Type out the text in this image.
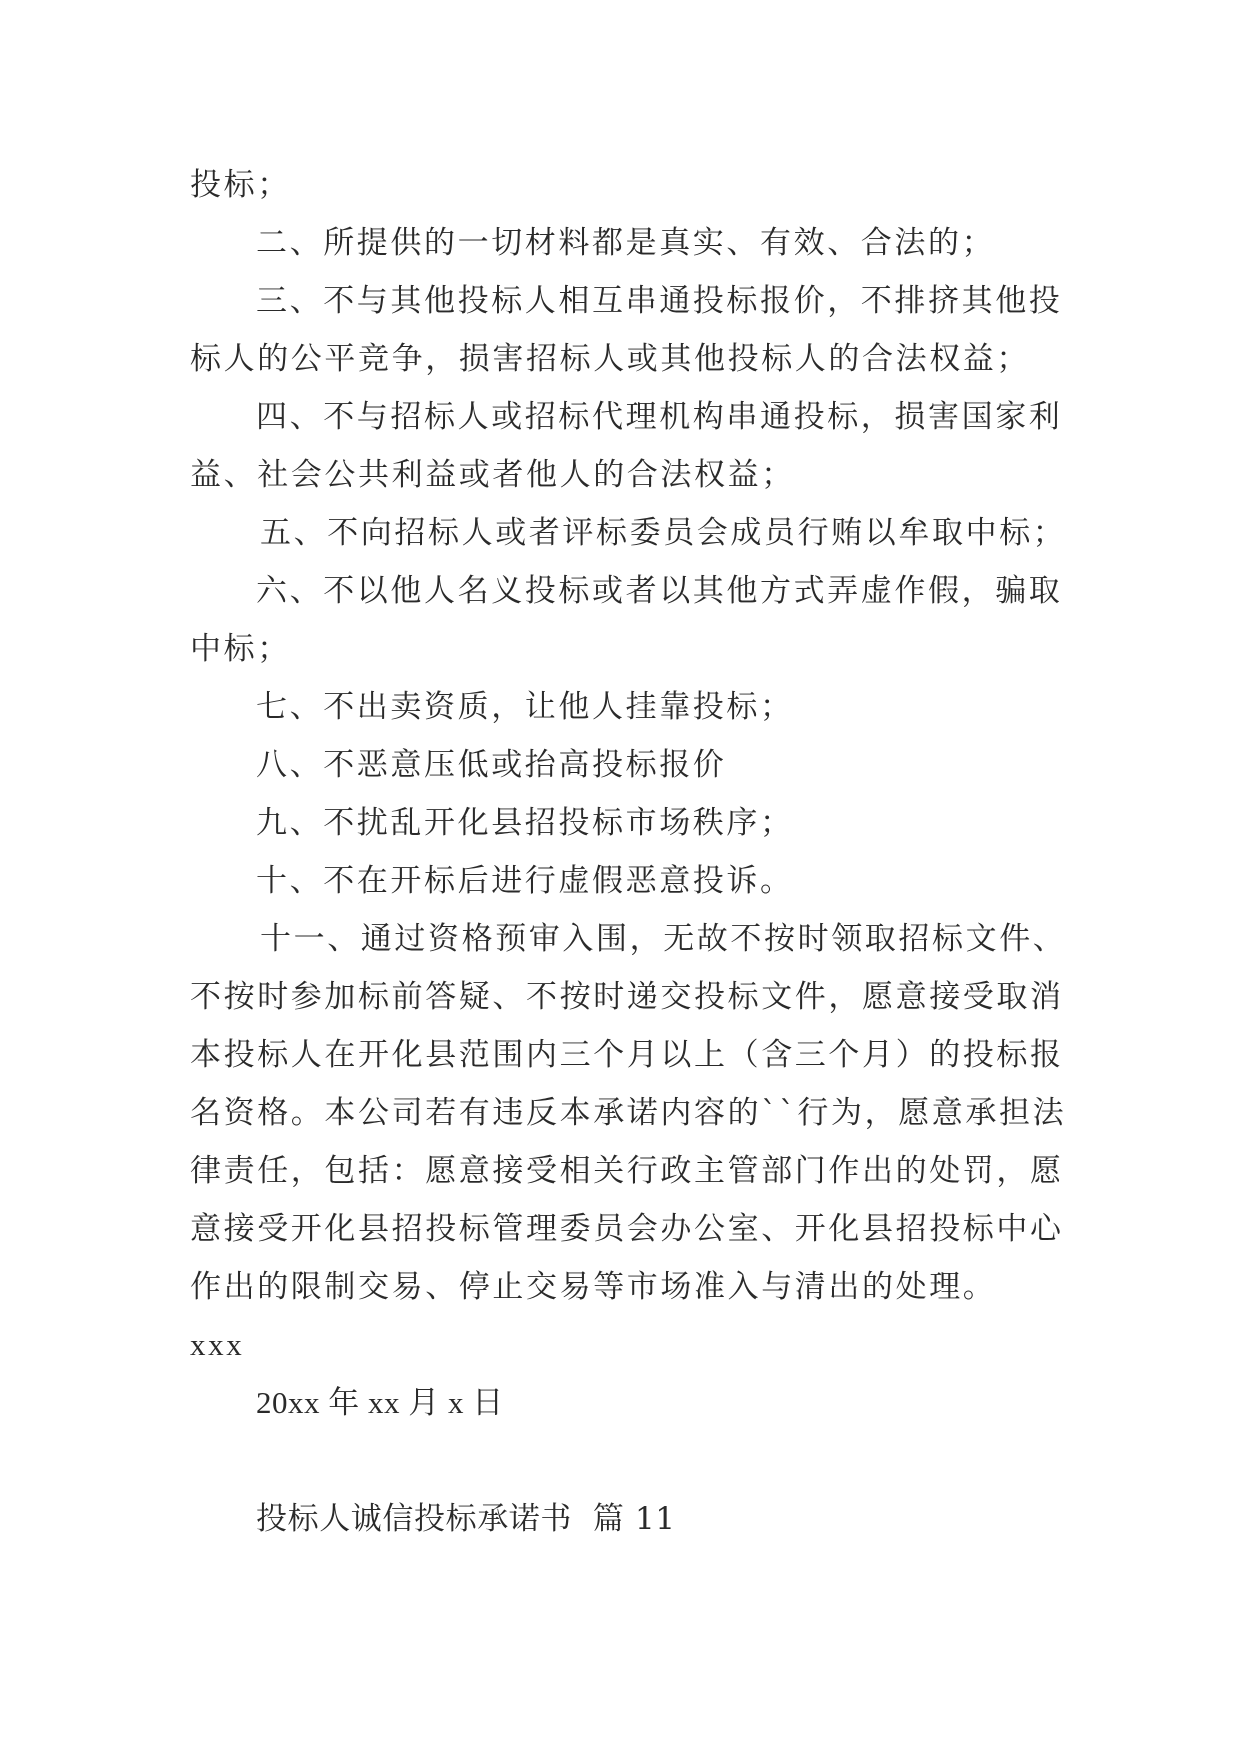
投标；
二、所提供的一切材料都是真实、有效、合法的；
三、不与其他投标人相互串通投标报价，不排挤其他投
标人的公平竞争，损害招标人或其他投标人的合法权益；
四、不与招标人或招标代理机构串通投标，损害国家利
益、社会公共利益或者他人的合法权益；
五、不向招标人或者评标委员会成员行贿以牟取中标；
六、不以他人名义投标或者以其他方式弄虚作假，骗取
中标；
七、不出卖资质，让他人挂靠投标；
八、不恶意压低或抬高投标报价
九、不扰乱开化县招投标市场秩序；
十、不在开标后进行虚假恶意投诉。
十一、通过资格预审入围，无故不按时领取招标文件、
不按时参加标前答疑、不按时递交投标文件，愿意接受取消
本投标人在开化县范围内三个月以上（含三个月）的投标报
名资格。本公司若有违反本承诺内容的``行为，愿意承担法
律责任，包括：愿意接受相关行政主管部门作出的处罚，愿
意接受开化县招投标管理委员会办公室、开化县招投标中心
作出的限制交易、停止交易等市场准入与清出的处理。
xxx
20xx 年 xx 月 x 日
投标人诚信投标承诺书  篇 11
